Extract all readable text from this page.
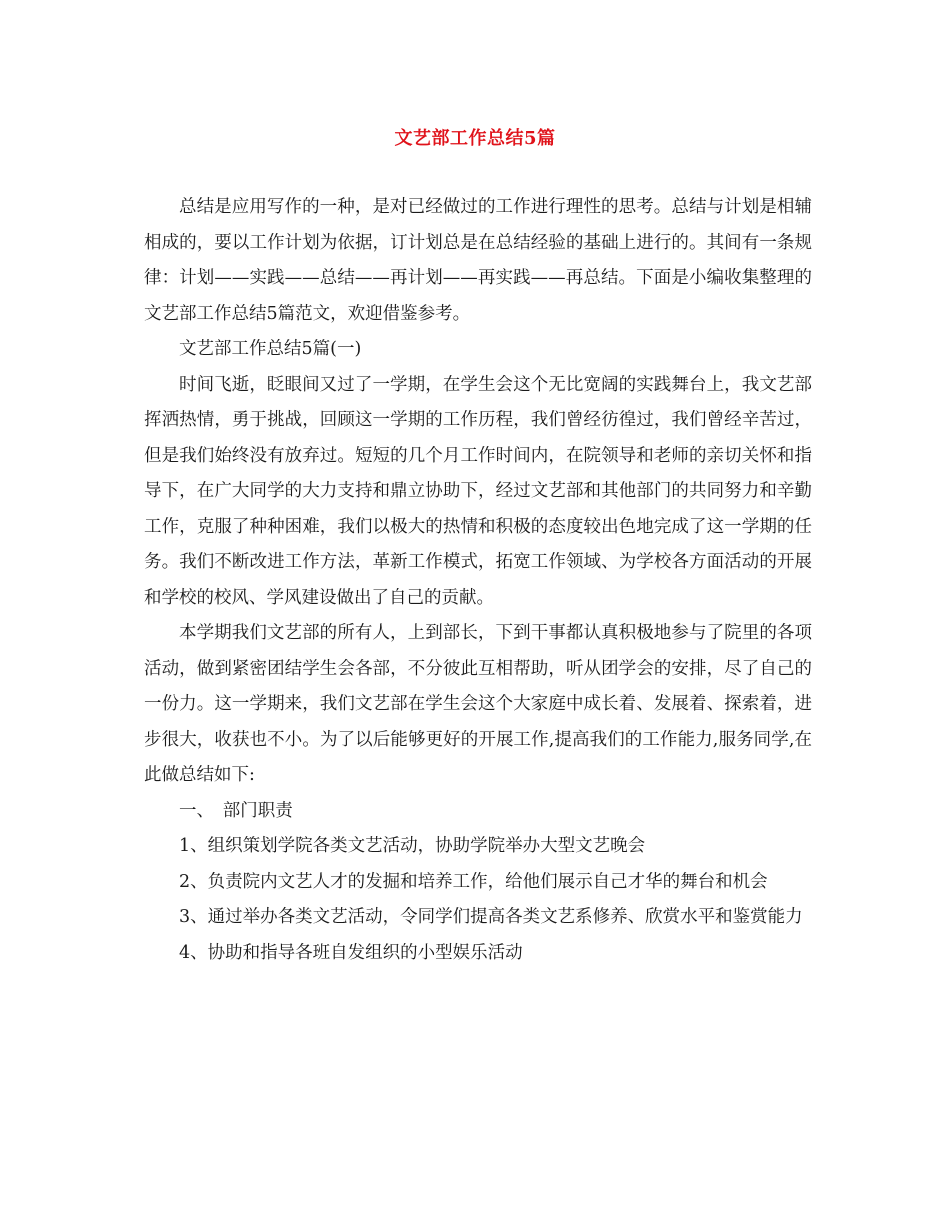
文艺部工作总结5篇

总结是应用写作的一种，是对已经做过的工作进行理性的思考。总结与计划是相辅相成的，要以工作计划为依据，订计划总是在总结经验的基础上进行的。其间有一条规律：计划——实践——总结——再计划——再实践——再总结。下面是小编收集整理的文艺部工作总结5篇范文，欢迎借鉴参考。

文艺部工作总结5篇(一)

时间飞逝，眨眼间又过了一学期，在学生会这个无比宽阔的实践舞台上，我文艺部挥洒热情，勇于挑战，回顾这一学期的工作历程，我们曾经彷徨过，我们曾经辛苦过，但是我们始终没有放弃过。短短的几个月工作时间内，在院领导和老师的亲切关怀和指导下，在广大同学的大力支持和鼎立协助下，经过文艺部和其他部门的共同努力和辛勤工作，克服了种种困难，我们以极大的热情和积极的态度较出色地完成了这一学期的任务。我们不断改进工作方法，革新工作模式，拓宽工作领域、为学校各方面活动的开展和学校的校风、学风建设做出了自己的贡献。

本学期我们文艺部的所有人，上到部长，下到干事都认真积极地参与了院里的各项活动，做到紧密团结学生会各部，不分彼此互相帮助，听从团学会的安排，尽了自己的一份力。这一学期来，我们文艺部在学生会这个大家庭中成长着、发展着、探索着，进步很大，收获也不小。为了以后能够更好的开展工作,提高我们的工作能力,服务同学,在此做总结如下:

一、　部门职责

1、组织策划学院各类文艺活动，协助学院举办大型文艺晚会

2、负责院内文艺人才的发掘和培养工作，给他们展示自己才华的舞台和机会

3、通过举办各类文艺活动，令同学们提高各类文艺系修养、欣赏水平和鉴赏能力

4、协助和指导各班自发组织的小型娱乐活动
